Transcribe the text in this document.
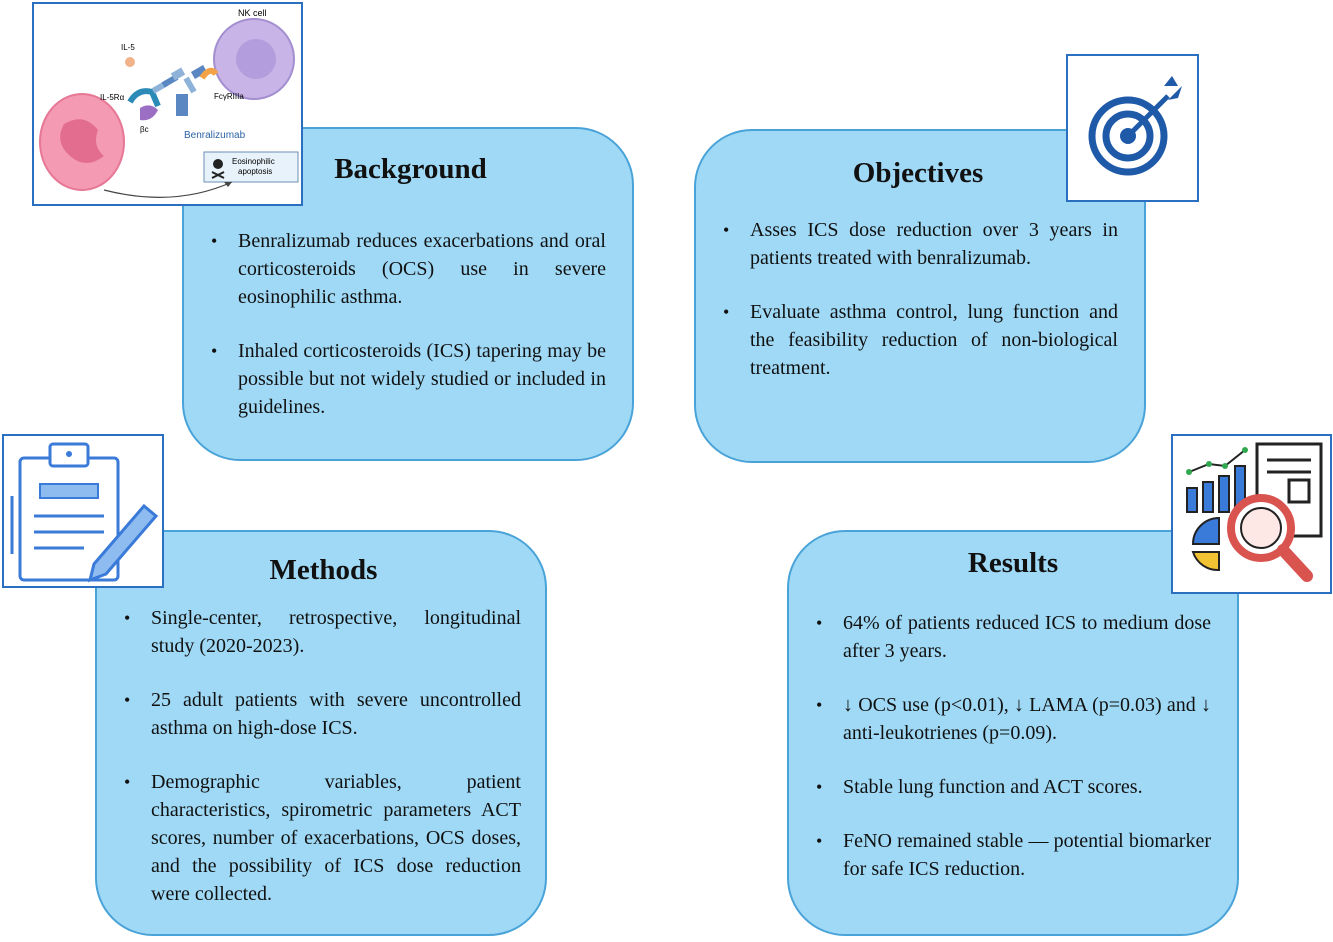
Background
• Benralizumab reduces exacerbations and oral corticosteroids (OCS) use in severe eosinophilic asthma.
• Inhaled corticosteroids (ICS) tapering may be possible but not widely studied or included in guidelines.
Objectives
• Asses ICS dose reduction over 3 years in patients treated with benralizumab.
• Evaluate asthma control, lung function and the feasibility reduction of non-biological treatment.
Methods
• Single-center, retrospective, longitudinal study (2020-2023).
• 25 adult patients with severe uncontrolled asthma on high-dose ICS.
• Demographic variables, patient characteristics, spirometric parameters ACT scores, number of exacerbations, OCS doses, and the possibility of ICS dose reduction were collected.
Results
• 64% of patients reduced ICS to medium dose after 3 years.
• ↓ OCS use (p<0.01), ↓ LAMA (p=0.03) and ↓ anti-leukotrienes (p=0.09).
• Stable lung function and ACT scores.
• FeNO remained stable — potential biomarker for safe ICS reduction.
NK cell
IL-5
IL-5Rα
βc
FcγRIIIa
Benralizumab
Eosinophilic
apoptosis
